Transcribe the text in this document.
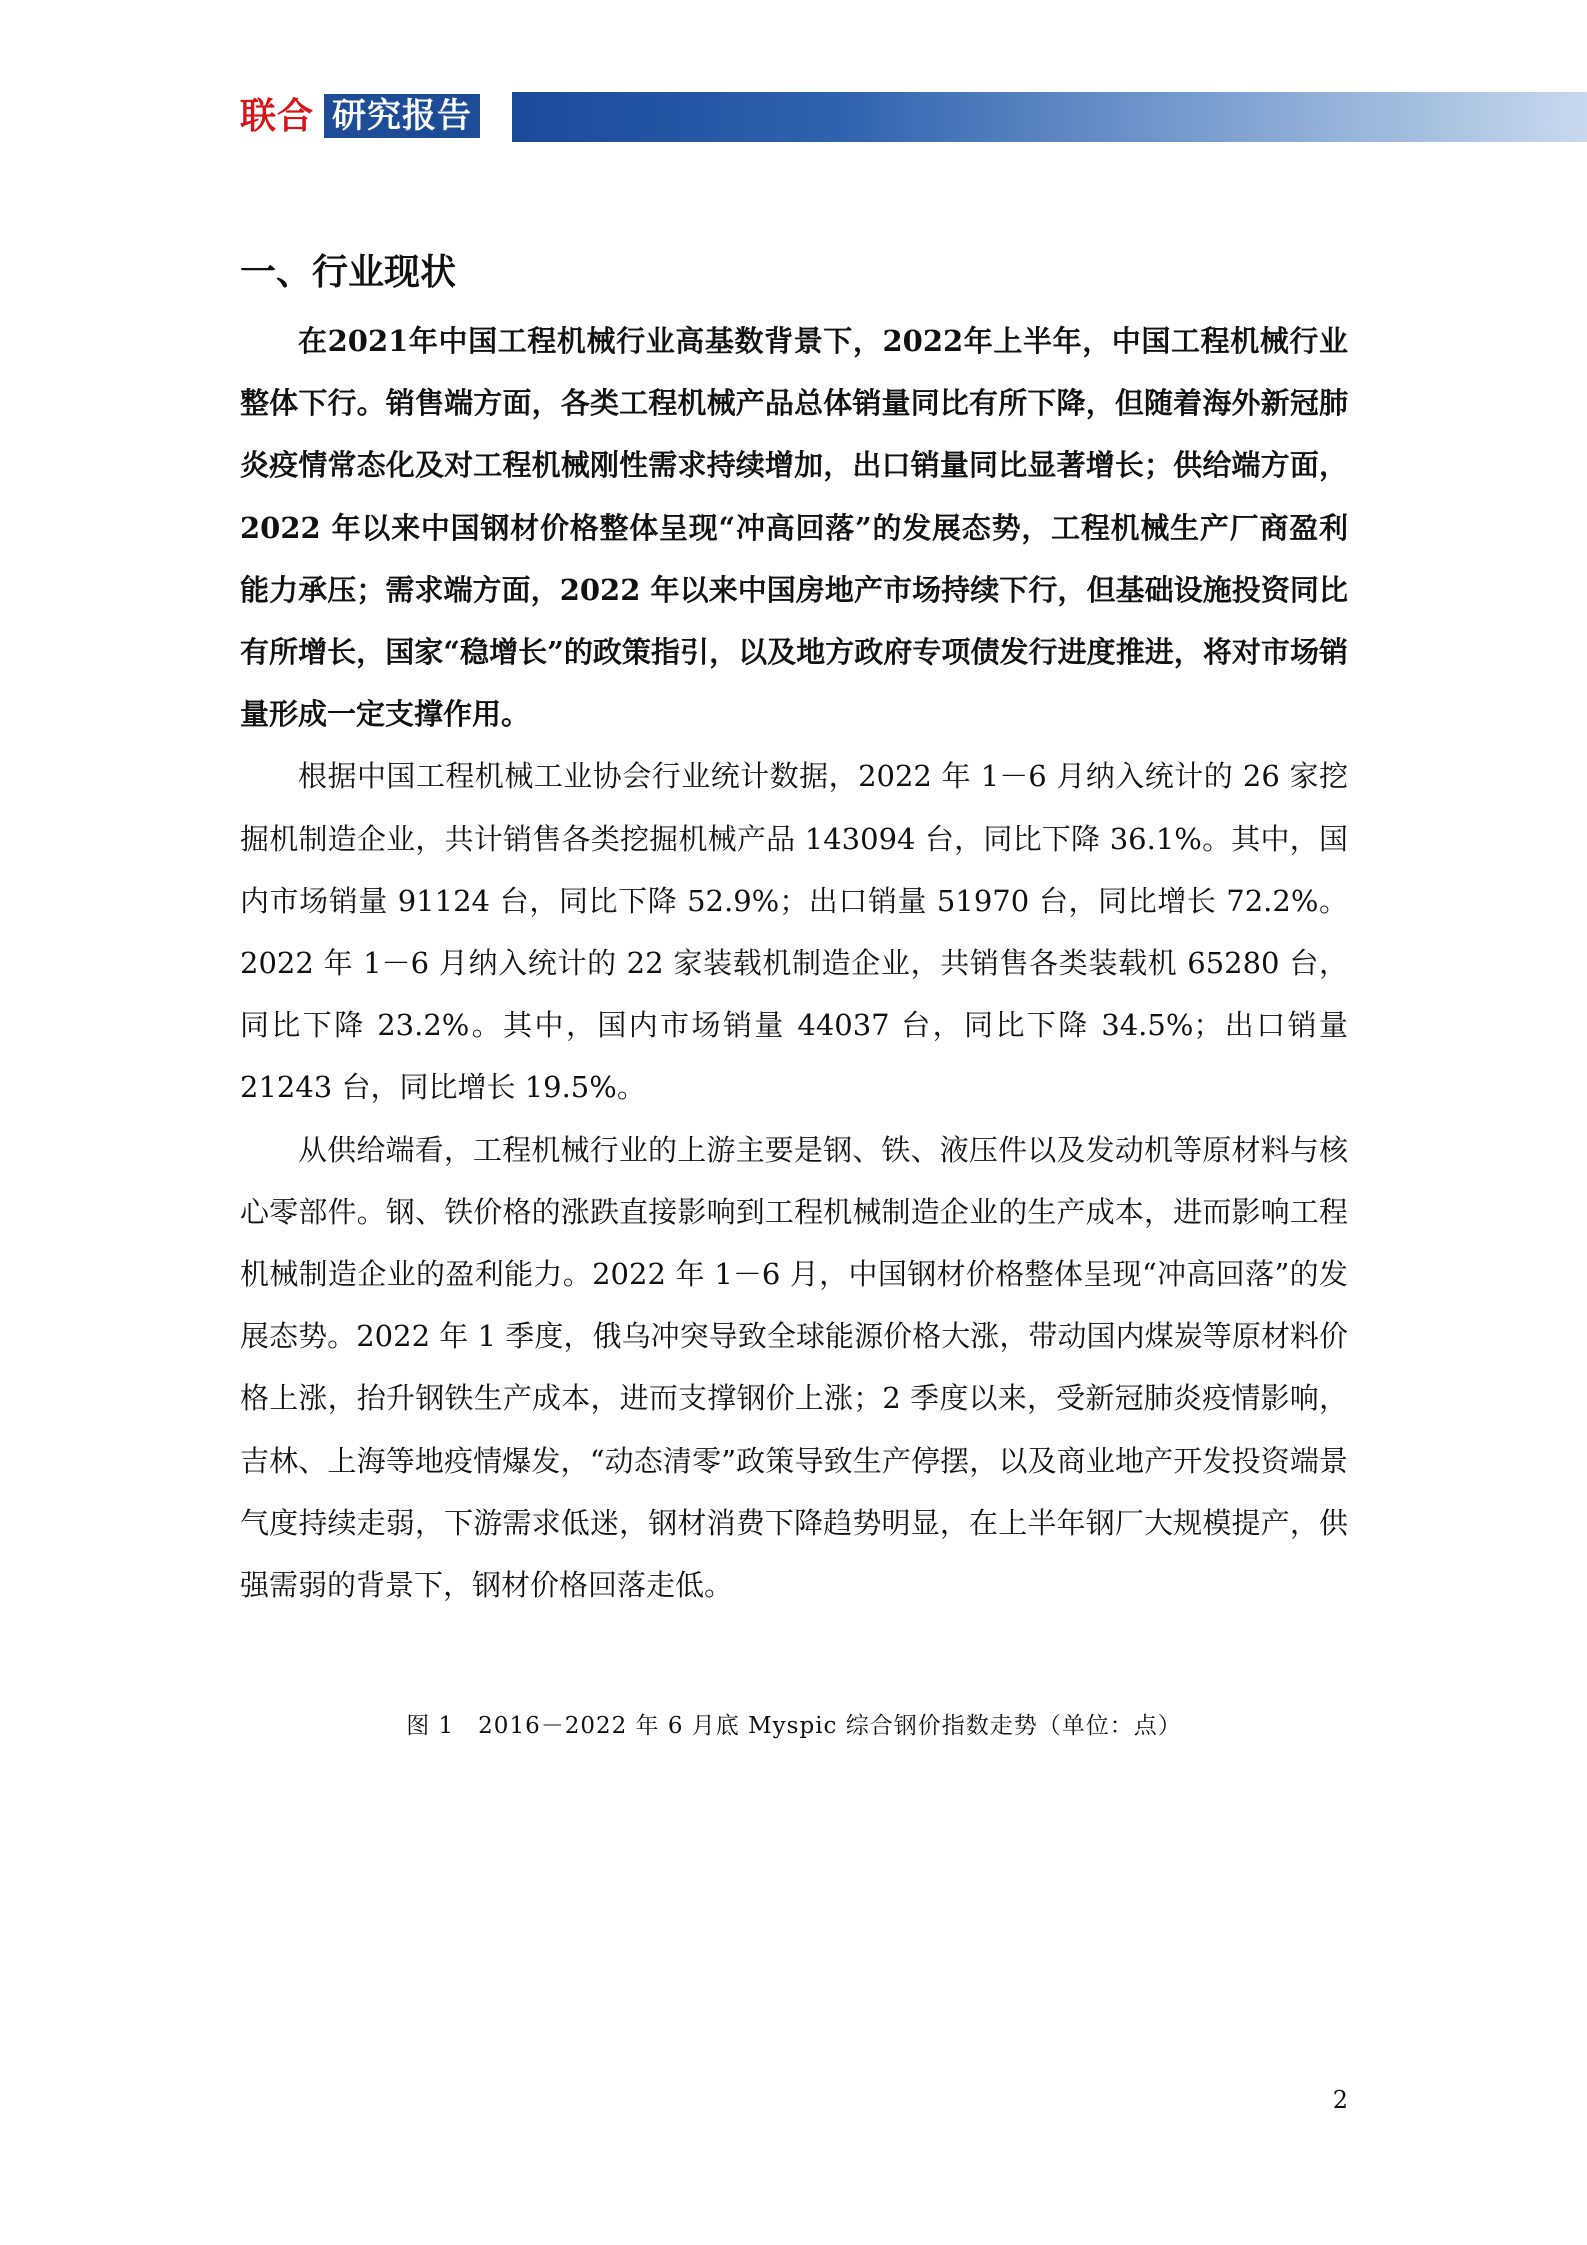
联合 研究报告
一、行业现状

在2021年中国工程机械行业高基数背景下，2022年上半年，中国工程机械行业整体下行。销售端方面，各类工程机械产品总体销量同比有所下降，但随着海外新冠肺炎疫情常态化及对工程机械刚性需求持续增加，出口销量同比显著增长；供给端方面，2022 年以来中国钢材价格整体呈现“冲高回落”的发展态势，工程机械生产厂商盈利能力承压；需求端方面，2022 年以来中国房地产市场持续下行，但基础设施投资同比有所增长，国家“稳增长”的政策指引，以及地方政府专项债发行进度推进，将对市场销量形成一定支撑作用。

根据中国工程机械工业协会行业统计数据，2022 年 1－6 月纳入统计的 26 家挖掘机制造企业，共计销售各类挖掘机械产品 143094 台，同比下降 36.1%。其中，国内市场销量 91124 台，同比下降 52.9%；出口销量 51970 台，同比增长 72.2%。2022 年 1－6 月纳入统计的 22 家装载机制造企业，共销售各类装载机 65280 台，同比下降 23.2%。其中，国内市场销量 44037 台，同比下降 34.5%；出口销量 21243 台，同比增长 19.5%。

从供给端看，工程机械行业的上游主要是钢、铁、液压件以及发动机等原材料与核心零部件。钢、铁价格的涨跌直接影响到工程机械制造企业的生产成本，进而影响工程机械制造企业的盈利能力。2022 年 1－6 月，中国钢材价格整体呈现“冲高回落”的发展态势。2022 年 1 季度，俄乌冲突导致全球能源价格大涨，带动国内煤炭等原材料价格上涨，抬升钢铁生产成本，进而支撑钢价上涨；2 季度以来，受新冠肺炎疫情影响，吉林、上海等地疫情爆发，“动态清零”政策导致生产停摆，以及商业地产开发投资端景气度持续走弱，下游需求低迷，钢材消费下降趋势明显，在上半年钢厂大规模提产，供强需弱的背景下，钢材价格回落走低。

图 1　2016－2022 年 6 月底 Myspic 综合钢价指数走势（单位：点）
2
